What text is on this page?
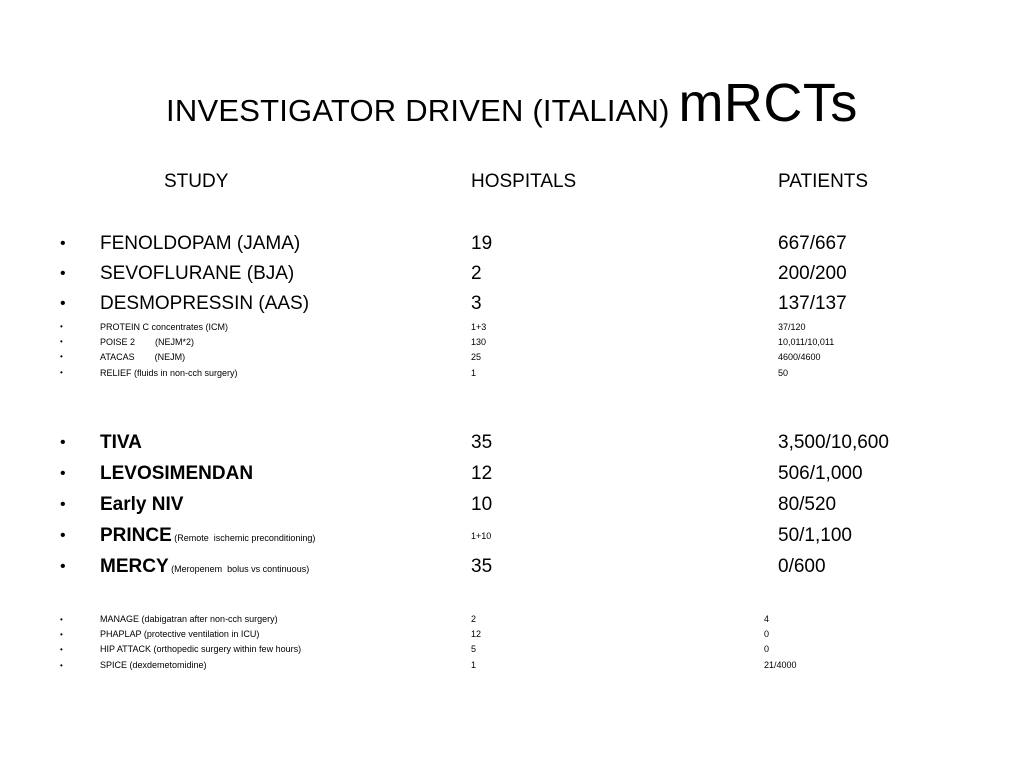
INVESTIGATOR DRIVEN (ITALIAN) mRCTs
STUDY	HOSPITALS	PATIENTS
• FENOLDOPAM (JAMA)	19	667/667
• SEVOFLURANE (BJA)	2	200/200
• DESMOPRESSIN (AAS)	3	137/137
•	PROTEIN C concentrates (ICM)	1+3	37/120
•	POISE 2        (NEJM*2)	130	10,011/10,011
•	ATACAS        (NEJM)	25	4600/4600
•	RELIEF (fluids in non-cch surgery)	1	50
• TIVA	35	3,500/10,600
• LEVOSIMENDAN	12	506/1,000
• Early NIV	10	80/520
• PRINCE (Remote  ischemic preconditioning)	1+10	50/1,100
• MERCY (Meropenem  bolus vs continuous)	35	0/600
•	MANAGE (dabigatran after non-cch surgery)	2	4
•	PHAPLAP (protective ventilation in ICU)	12	0
•	HIP ATTACK (orthopedic surgery within few hours)	5	0
•	SPICE (dexdemetomidine)	1	21/4000
